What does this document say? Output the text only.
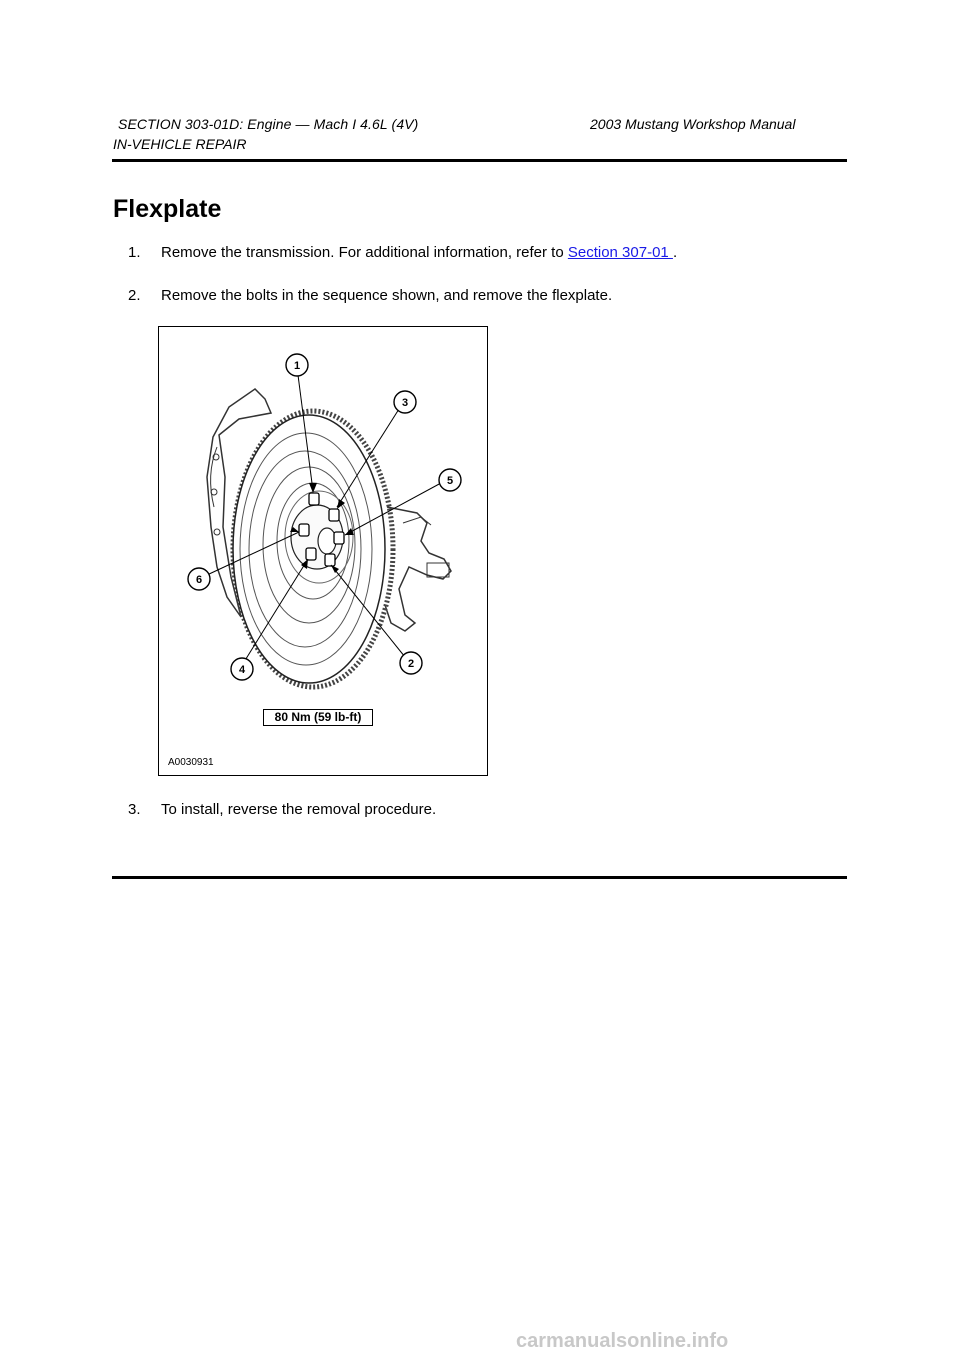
SECTION 303-01D: Engine — Mach I 4.6L (4V)	2003 Mustang Workshop Manual
IN-VEHICLE REPAIR
Flexplate
1. Remove the transmission. For additional information, refer to Section 307-01 .
2. Remove the bolts in the sequence shown, and remove the flexplate.
1
2
3
4
5
6
80 Nm (59 lb-ft)
A0030931
3. To install, reverse the removal procedure.
carmanualsonline.info
